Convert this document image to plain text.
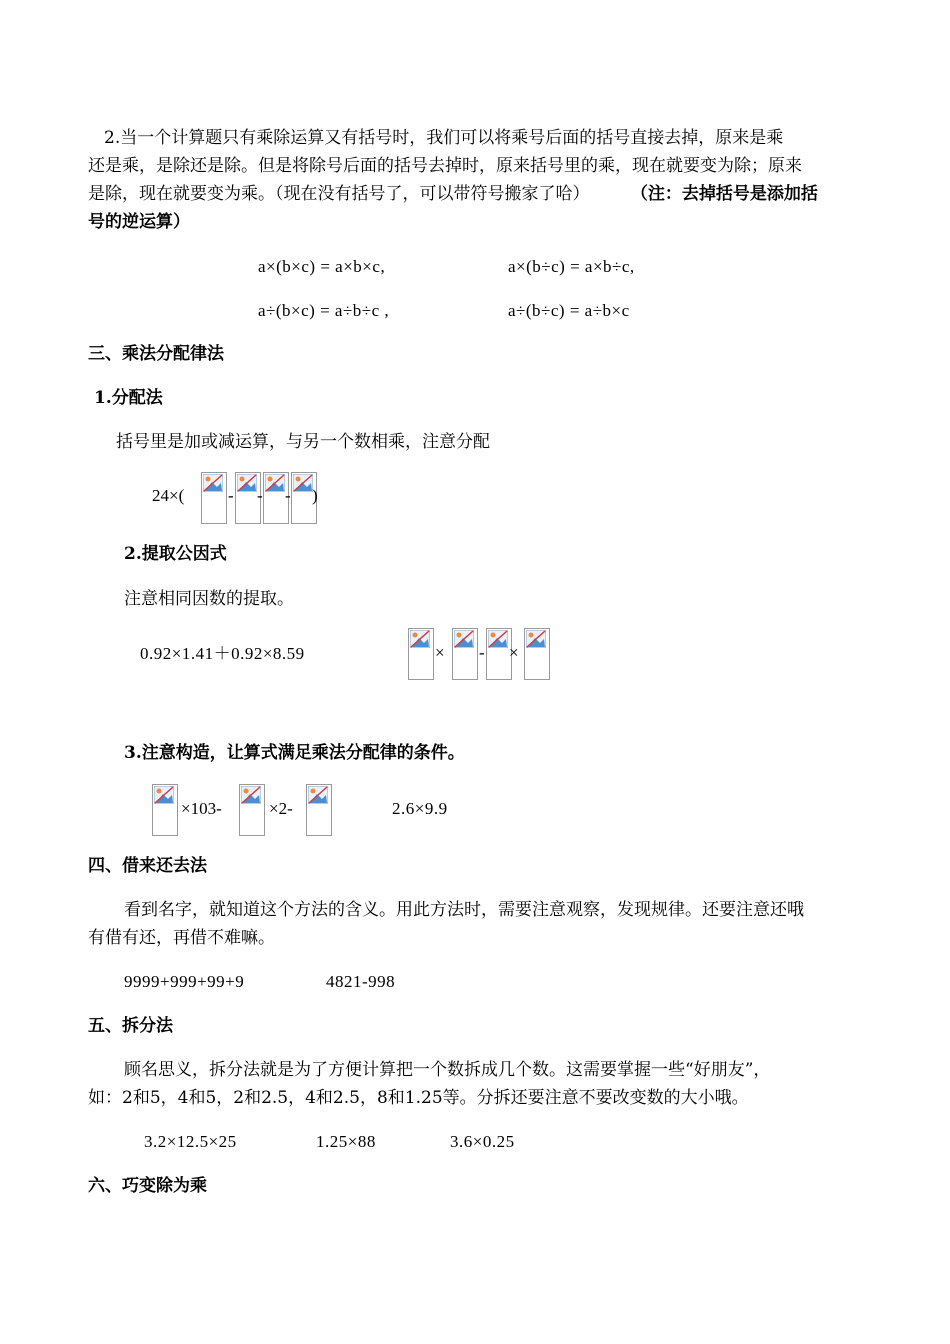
2.当一个计算题只有乘除运算又有括号时，我们可以将乘号后面的括号直接去掉，原来是乘
还是乘，是除还是除。但是将除号后面的括号去掉时，原来括号里的乘，现在就要变为除；原来
是除，现在就要变为乘。（现在没有括号了，可以带符号搬家了哈） （注：去掉括号是添加括
号的逆运算）
a×(b×c) = a×b×c,	a×(b÷c) = a×b÷c,
a÷(b×c) = a÷b÷c ,	a÷(b÷c) = a÷b×c
三、乘法分配律法
1.分配法
括号里是加或减运算，与另一个数相乘，注意分配
24×(	- - - )
2.提取公因式
注意相同因数的提取。
0.92×1.41＋0.92×8.59	× - ×
3.注意构造，让算式满足乘法分配律的条件。
×103-	×2-	2.6×9.9
四、借来还去法
看到名字，就知道这个方法的含义。用此方法时，需要注意观察，发现规律。还要注意还哦
有借有还，再借不难嘛。
9999+999+99+9	4821-998
五、拆分法
顾名思义，拆分法就是为了方便计算把一个数拆成几个数。这需要掌握一些“好朋友”，
如：2和5，4和5，2和2.5，4和2.5，8和1.25等。分拆还要注意不要改变数的大小哦。
3.2×12.5×25	1.25×88	3.6×0.25
六、巧变除为乘
